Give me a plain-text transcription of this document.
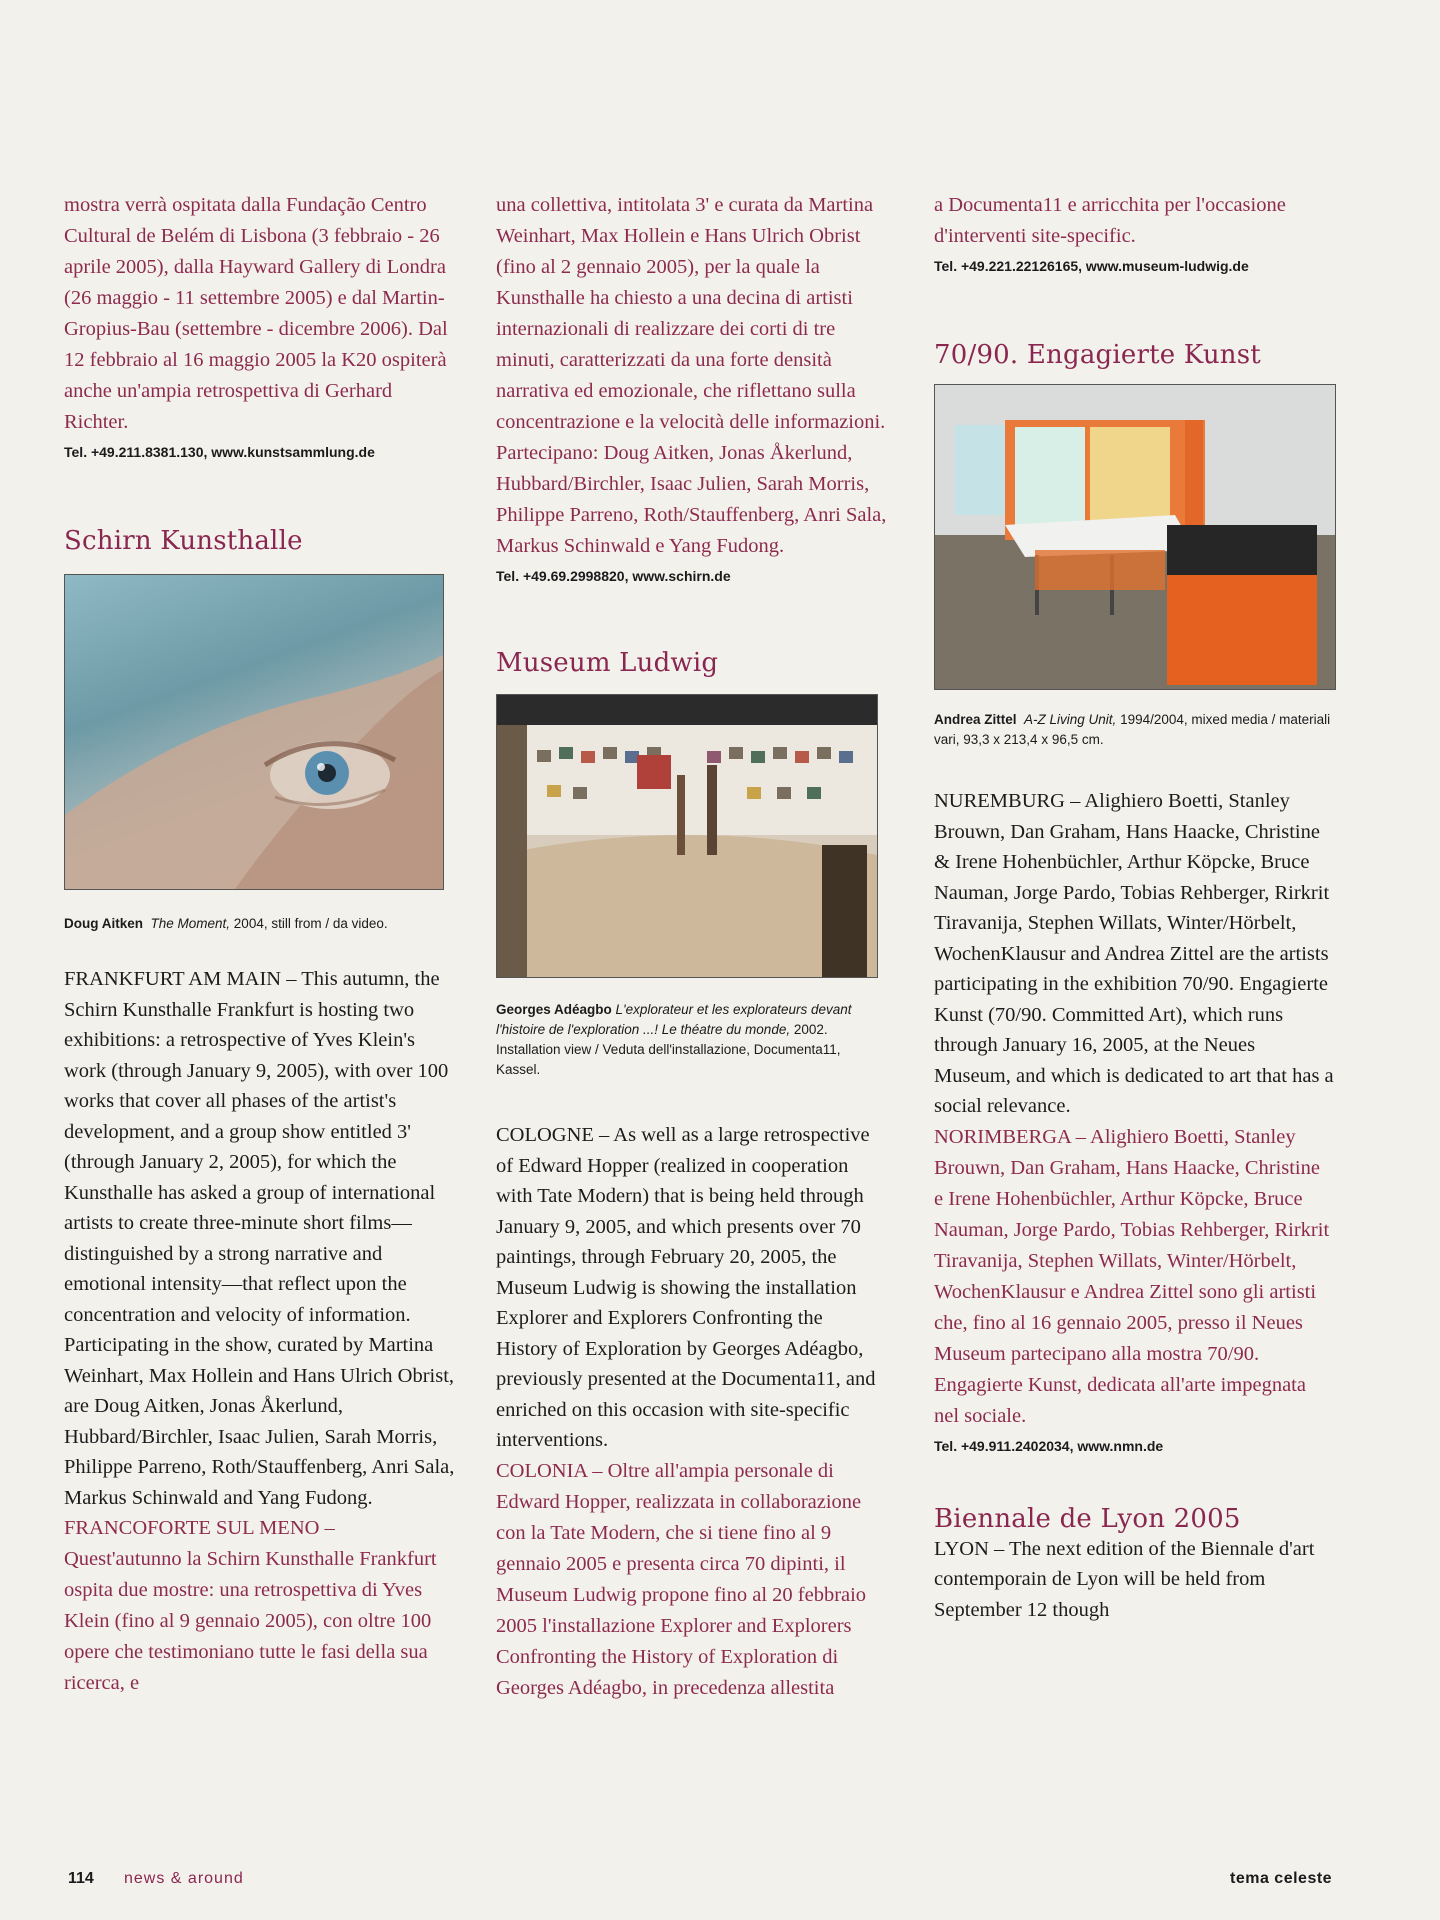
mostra verrà ospitata dalla Fundação Centro Cultural de Belém di Lisbona (3 febbraio - 26 aprile 2005), dalla Hayward Gallery di Londra (26 maggio - 11 settembre 2005) e dal Martin-Gropius-Bau (settembre - dicembre 2006). Dal 12 febbraio al 16 maggio 2005 la K20 ospiterà anche un'ampia retrospettiva di Gerhard Richter.

Tel. +49.211.8381.130, www.kunstsammlung.de

Schirn Kunsthalle

Doug Aitken The Moment, 2004, still from / da video.

FRANKFURT AM MAIN – This autumn, the Schirn Kunsthalle Frankfurt is hosting two exhibitions: a retrospective of Yves Klein's work (through January 9, 2005), with over 100 works that cover all phases of the artist's development, and a group show entitled 3' (through January 2, 2005), for which the Kunsthalle has asked a group of international artists to create three-minute short films—distinguished by a strong narrative and emotional intensity—that reflect upon the concentration and velocity of information. Participating in the show, curated by Martina Weinhart, Max Hollein and Hans Ulrich Obrist, are Doug Aitken, Jonas Åkerlund, Hubbard/Birchler, Isaac Julien, Sarah Morris, Philippe Parreno, Roth/Stauffenberg, Anri Sala, Markus Schinwald and Yang Fudong.

FRANCOFORTE SUL MENO – Quest'autunno la Schirn Kunsthalle Frankfurt ospita due mostre: una retrospettiva di Yves Klein (fino al 9 gennaio 2005), con oltre 100 opere che testimoniano tutte le fasi della sua ricerca, e

una collettiva, intitolata 3' e curata da Martina Weinhart, Max Hollein e Hans Ulrich Obrist (fino al 2 gennaio 2005), per la quale la Kunsthalle ha chiesto a una decina di artisti internazionali di realizzare dei corti di tre minuti, caratterizzati da una forte densità narrativa ed emozionale, che riflettano sulla concentrazione e la velocità delle informazioni. Partecipano: Doug Aitken, Jonas Åkerlund, Hubbard/Birchler, Isaac Julien, Sarah Morris, Philippe Parreno, Roth/Stauffenberg, Anri Sala, Markus Schinwald e Yang Fudong.

Tel. +49.69.2998820, www.schirn.de

Museum Ludwig

Georges Adéagbo L'explorateur et les explorateurs devant l'histoire de l'exploration ...! Le théatre du monde, 2002. Installation view / Veduta dell'installazione, Documenta11, Kassel.

COLOGNE – As well as a large retrospective of Edward Hopper (realized in cooperation with Tate Modern) that is being held through January 9, 2005, and which presents over 70 paintings, through February 20, 2005, the Museum Ludwig is showing the installation Explorer and Explorers Confronting the History of Exploration by Georges Adéagbo, previously presented at the Documenta11, and enriched on this occasion with site-specific interventions.

COLONIA – Oltre all'ampia personale di Edward Hopper, realizzata in collaborazione con la Tate Modern, che si tiene fino al 9 gennaio 2005 e presenta circa 70 dipinti, il Museum Ludwig propone fino al 20 febbraio 2005 l'installazione Explorer and Explorers Confronting the History of Exploration di Georges Adéagbo, in precedenza allestita

a Documenta11 e arricchita per l'occasione d'interventi site-specific.

Tel. +49.221.22126165, www.museum-ludwig.de

70/90. Engagierte Kunst

Andrea Zittel A-Z Living Unit, 1994/2004, mixed media / materiali vari, 93,3 x 213,4 x 96,5 cm.

NUREMBURG – Alighiero Boetti, Stanley Brouwn, Dan Graham, Hans Haacke, Christine & Irene Hohenbüchler, Arthur Köpcke, Bruce Nauman, Jorge Pardo, Tobias Rehberger, Rirkrit Tiravanija, Stephen Willats, Winter/Hörbelt, WochenKlausur and Andrea Zittel are the artists participating in the exhibition 70/90. Engagierte Kunst (70/90. Committed Art), which runs through January 16, 2005, at the Neues Museum, and which is dedicated to art that has a social relevance.

NORIMBERGA – Alighiero Boetti, Stanley Brouwn, Dan Graham, Hans Haacke, Christine e Irene Hohenbüchler, Arthur Köpcke, Bruce Nauman, Jorge Pardo, Tobias Rehberger, Rirkrit Tiravanija, Stephen Willats, Winter/Hörbelt, WochenKlausur e Andrea Zittel sono gli artisti che, fino al 16 gennaio 2005, presso il Neues Museum partecipano alla mostra 70/90. Engagierte Kunst, dedicata all'arte impegnata nel sociale.

Tel. +49.911.2402034, www.nmn.de

Biennale de Lyon 2005

LYON – The next edition of the Biennale d'art contemporain de Lyon will be held from September 12 though

114 news & around	tema celeste
